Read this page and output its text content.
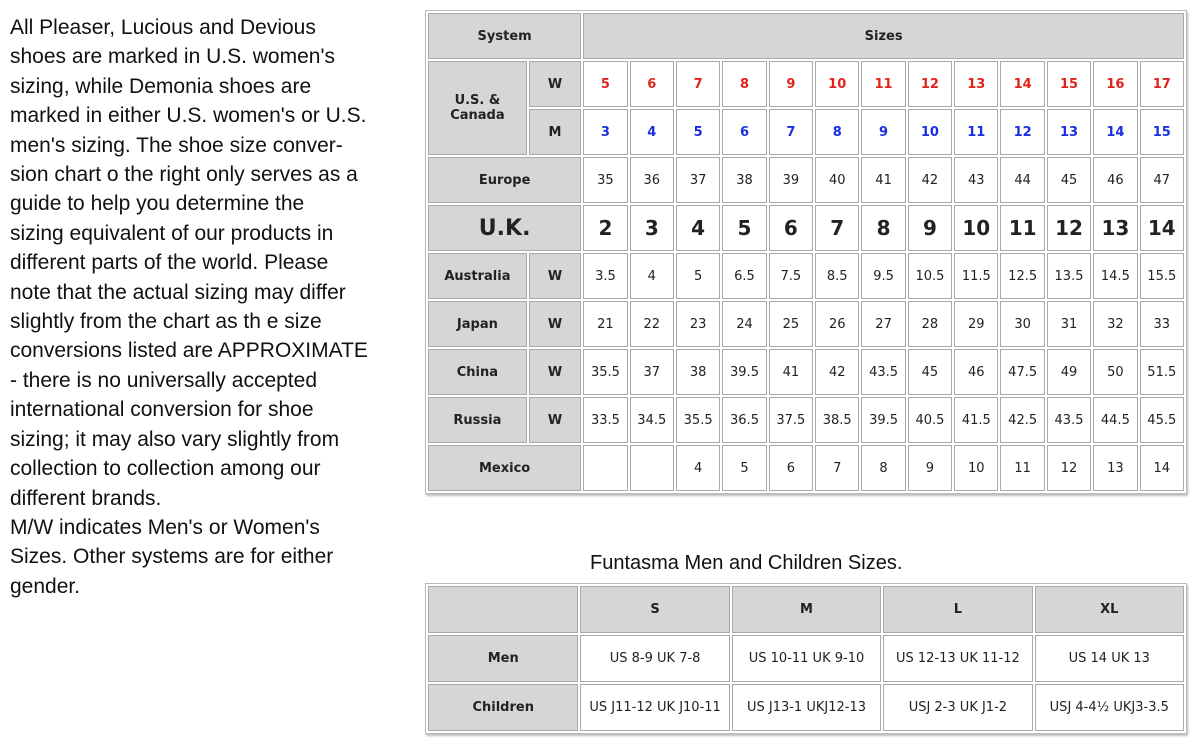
All Pleaser, Lucious and Devious
shoes are marked in U.S. women's
sizing, while Demonia shoes are
marked in either U.S. women's or U.S.
men's sizing. The shoe size conver-
sion chart o the right only serves as a
guide to help you determine the
sizing equivalent of our products in
different parts of the world. Please
note that the actual sizing may differ
slightly from the chart as th e size
conversions listed are APPROXIMATE
- there is no universally accepted
international conversion for shoe
sizing; it may also vary slightly from
collection to collection among our
different brands.
M/W indicates Men's or Women's
Sizes. Other systems are for either
gender.
System		Sizes												
U.S. & Canada	W	5	6	7	8	9	10	11	12	13	14	15	16	17
	M	3	4	5	6	7	8	9	10	11	12	13	14	15
Europe		35	36	37	38	39	40	41	42	43	44	45	46	47
U.K.		2	3	4	5	6	7	8	9	10	11	12	13	14
Australia	W	3.5	4	5	6.5	7.5	8.5	9.5	10.5	11.5	12.5	13.5	14.5	15.5
Japan	W	21	22	23	24	25	26	27	28	29	30	31	32	33
China	W	35.5	37	38	39.5	41	42	43.5	45	46	47.5	49	50	51.5
Russia	W	33.5	34.5	35.5	36.5	37.5	38.5	39.5	40.5	41.5	42.5	43.5	44.5	45.5
Mexico				4	5	6	7	8	9	10	11	12	13	14
Funtasma Men and Children Sizes.
	S	M	L	XL
Men	US 8-9 UK 7-8	US 10-11 UK 9-10	US 12-13 UK 11-12	US 14 UK 13
Children	US J11-12 UK J10-11	US J13-1 UKJ12-13	USJ 2-3 UK J1-2	USJ 4-4½ UKJ3-3.5
